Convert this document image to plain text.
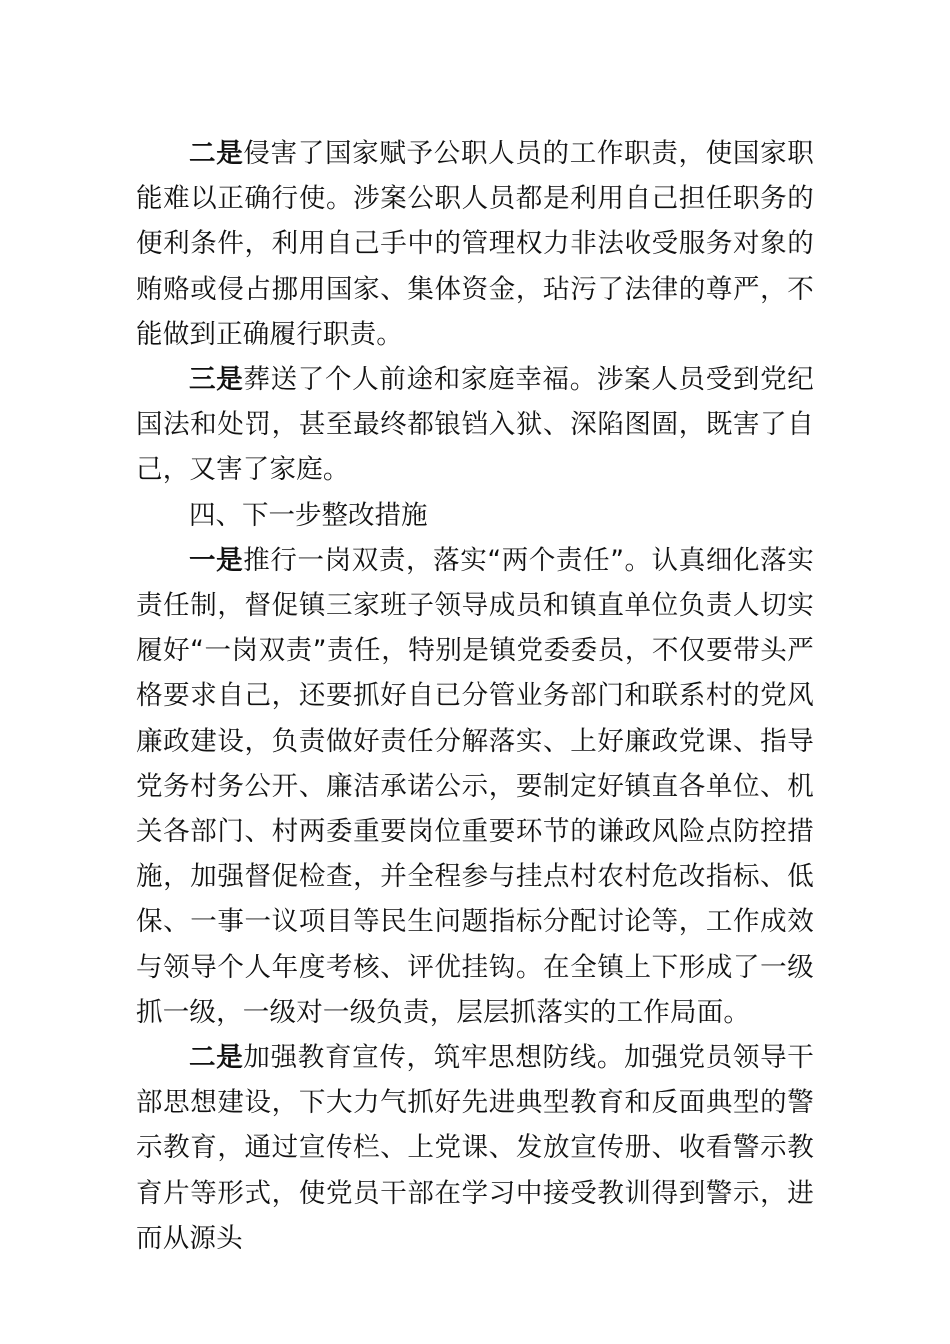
二是侵害了国家赋予公职人员的工作职责，使国家职能难以正确行使。涉案公职人员都是利用自己担任职务的便利条件，利用自己手中的管理权力非法收受服务对象的贿赂或侵占挪用国家、集体资金，玷污了法律的尊严，不能做到正确履行职责。

三是葬送了个人前途和家庭幸福。涉案人员受到党纪国法和处罚，甚至最终都锒铛入狱、深陷图圄，既害了自己，又害了家庭。

四、下一步整改措施

一是推行一岗双责，落实“两个责任”。认真细化落实责任制，督促镇三家班子领导成员和镇直单位负责人切实履好“一岗双责”责任，特别是镇党委委员，不仅要带头严格要求自己，还要抓好自已分管业务部门和联系村的党风廉政建设，负责做好责任分解落实、上好廉政党课、指导党务村务公开、廉洁承诺公示，要制定好镇直各单位、机关各部门、村两委重要岗位重要环节的谦政风险点防控措施，加强督促检查，并全程参与挂点村农村危改指标、低保、一事一议项目等民生问题指标分配讨论等，工作成效与领导个人年度考核、评优挂钩。在全镇上下形成了一级抓一级，一级对一级负责，层层抓落实的工作局面。

二是加强教育宣传，筑牢思想防线。加强党员领导干部思想建设，下大力气抓好先进典型教育和反面典型的警示教育，通过宣传栏、上党课、发放宣传册、收看警示教育片等形式，使党员干部在学习中接受教训得到警示，进而从源头
